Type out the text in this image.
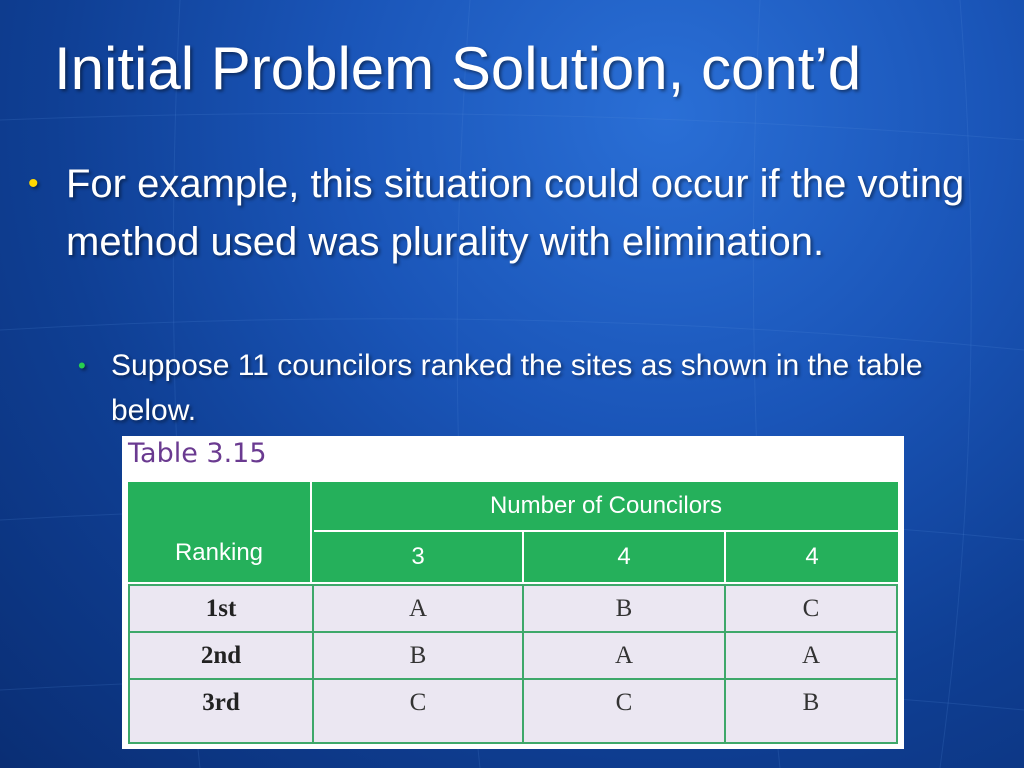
Initial Problem Solution, cont’d
• For example, this situation could occur if the voting method used was plurality with elimination.
• Suppose 11 councilors ranked the sites as shown in the table below.
Table 3.15
Ranking
Number of Councilors
3	4	4
1st	A	B	C
2nd	B	A	A
3rd	C	C	B
